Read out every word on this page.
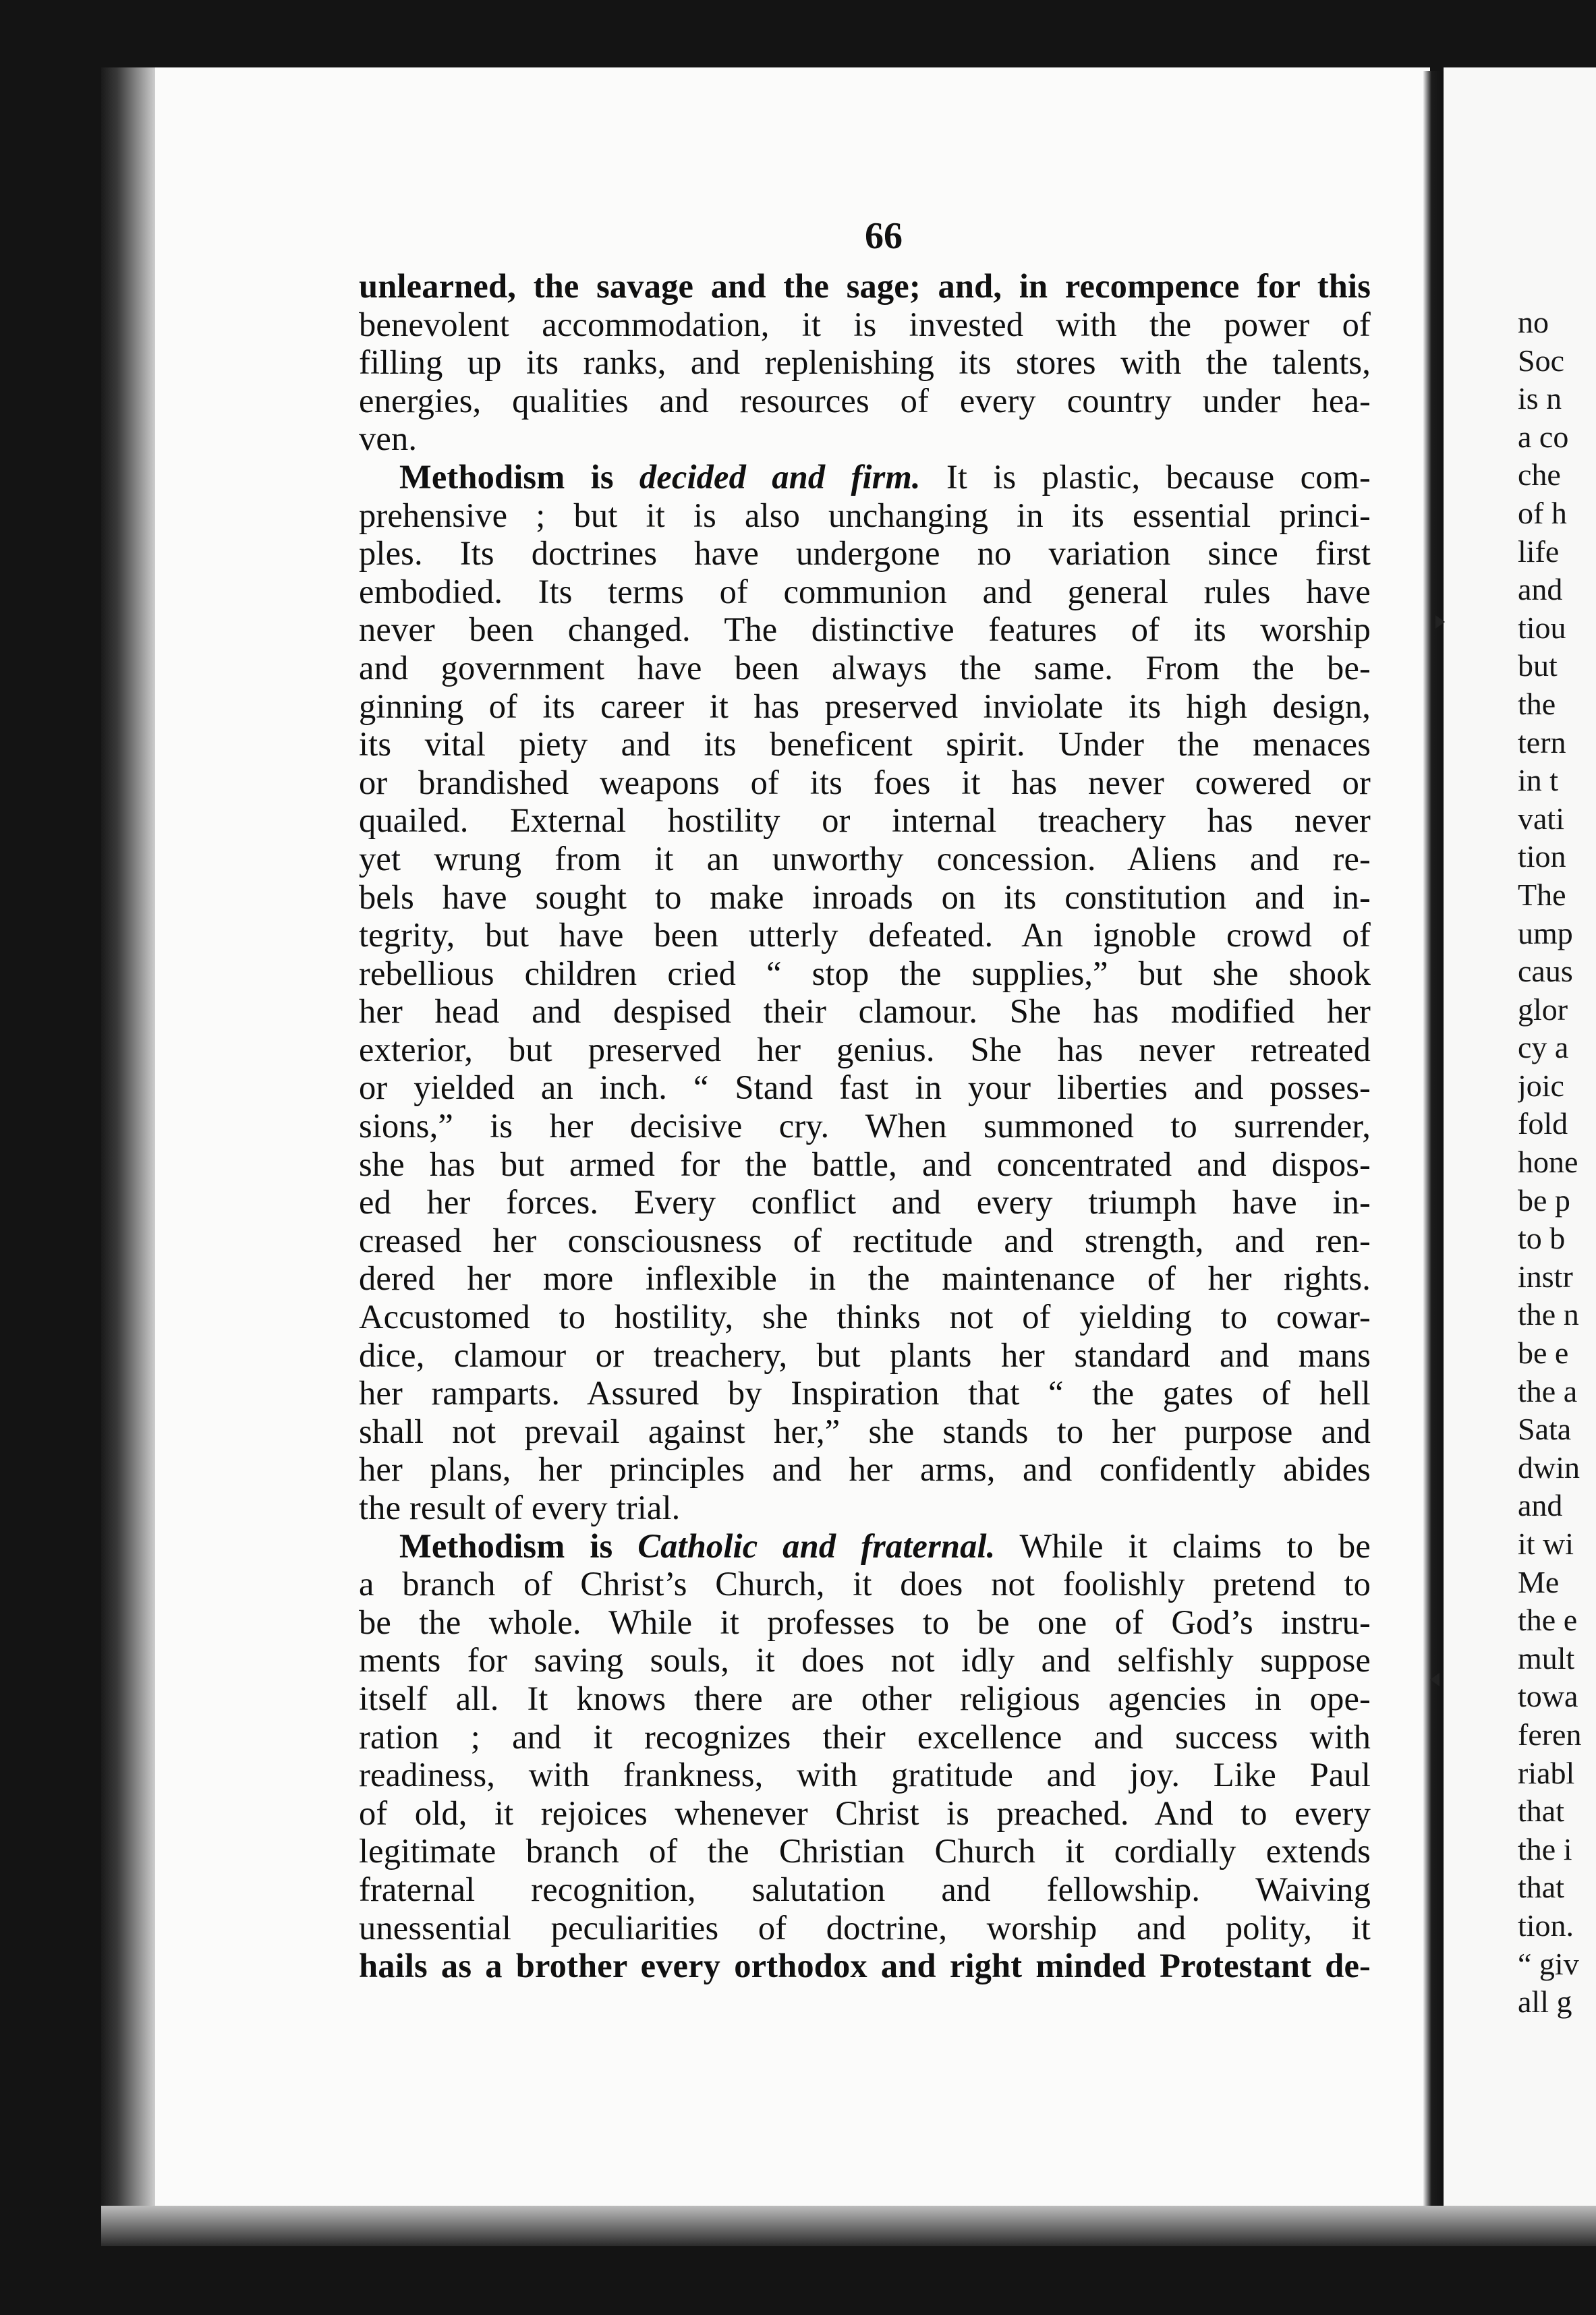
66
unlearned, the savage and the sage; and, in recompence for this
benevolent accommodation, it is invested with the power of
filling up its ranks, and replenishing its stores with the talents,
energies, qualities and resources of every country under hea-
ven.
Methodism is decided and firm. It is plastic, because com-
prehensive ; but it is also unchanging in its essential princi-
ples. Its doctrines have undergone no variation since first
embodied. Its terms of communion and general rules have
never been changed. The distinctive features of its worship
and government have been always the same. From the be-
ginning of its career it has preserved inviolate its high design,
its vital piety and its beneficent spirit. Under the menaces
or brandished weapons of its foes it has never cowered or
quailed. External hostility or internal treachery has never
yet wrung from it an unworthy concession. Aliens and re-
bels have sought to make inroads on its constitution and in-
tegrity, but have been utterly defeated. An ignoble crowd of
rebellious children cried “ stop the supplies,” but she shook
her head and despised their clamour. She has modified her
exterior, but preserved her genius. She has never retreated
or yielded an inch. “ Stand fast in your liberties and posses-
sions,” is her decisive cry. When summoned to surrender,
she has but armed for the battle, and concentrated and dispos-
ed her forces. Every conflict and every triumph have in-
creased her consciousness of rectitude and strength, and ren-
dered her more inflexible in the maintenance of her rights.
Accustomed to hostility, she thinks not of yielding to cowar-
dice, clamour or treachery, but plants her standard and mans
her ramparts. Assured by Inspiration that “ the gates of hell
shall not prevail against her,” she stands to her purpose and
her plans, her principles and her arms, and confidently abides
the result of every trial.
Methodism is Catholic and fraternal. While it claims to be
a branch of Christ’s Church, it does not foolishly pretend to
be the whole. While it professes to be one of God’s instru-
ments for saving souls, it does not idly and selfishly suppose
itself all. It knows there are other religious agencies in ope-
ration ; and it recognizes their excellence and success with
readiness, with frankness, with gratitude and joy. Like Paul
of old, it rejoices whenever Christ is preached. And to every
legitimate branch of the Christian Church it cordially extends
fraternal recognition, salutation and fellowship. Waiving
unessential peculiarities of doctrine, worship and polity, it
hails as a brother every orthodox and right minded Protestant de-
no
Soc
is n
a co
che
of h
life
and
tiou
but
the
tern
in t
vati
tion
The
ump
caus
glor
cy a
joic
fold
hone
be p
to b
instr
the n
be e
the a
Sata
dwin
and
it wi
Me
the e
mult
towa
feren
riabl
that
the i
that
tion.
“ giv
all g
